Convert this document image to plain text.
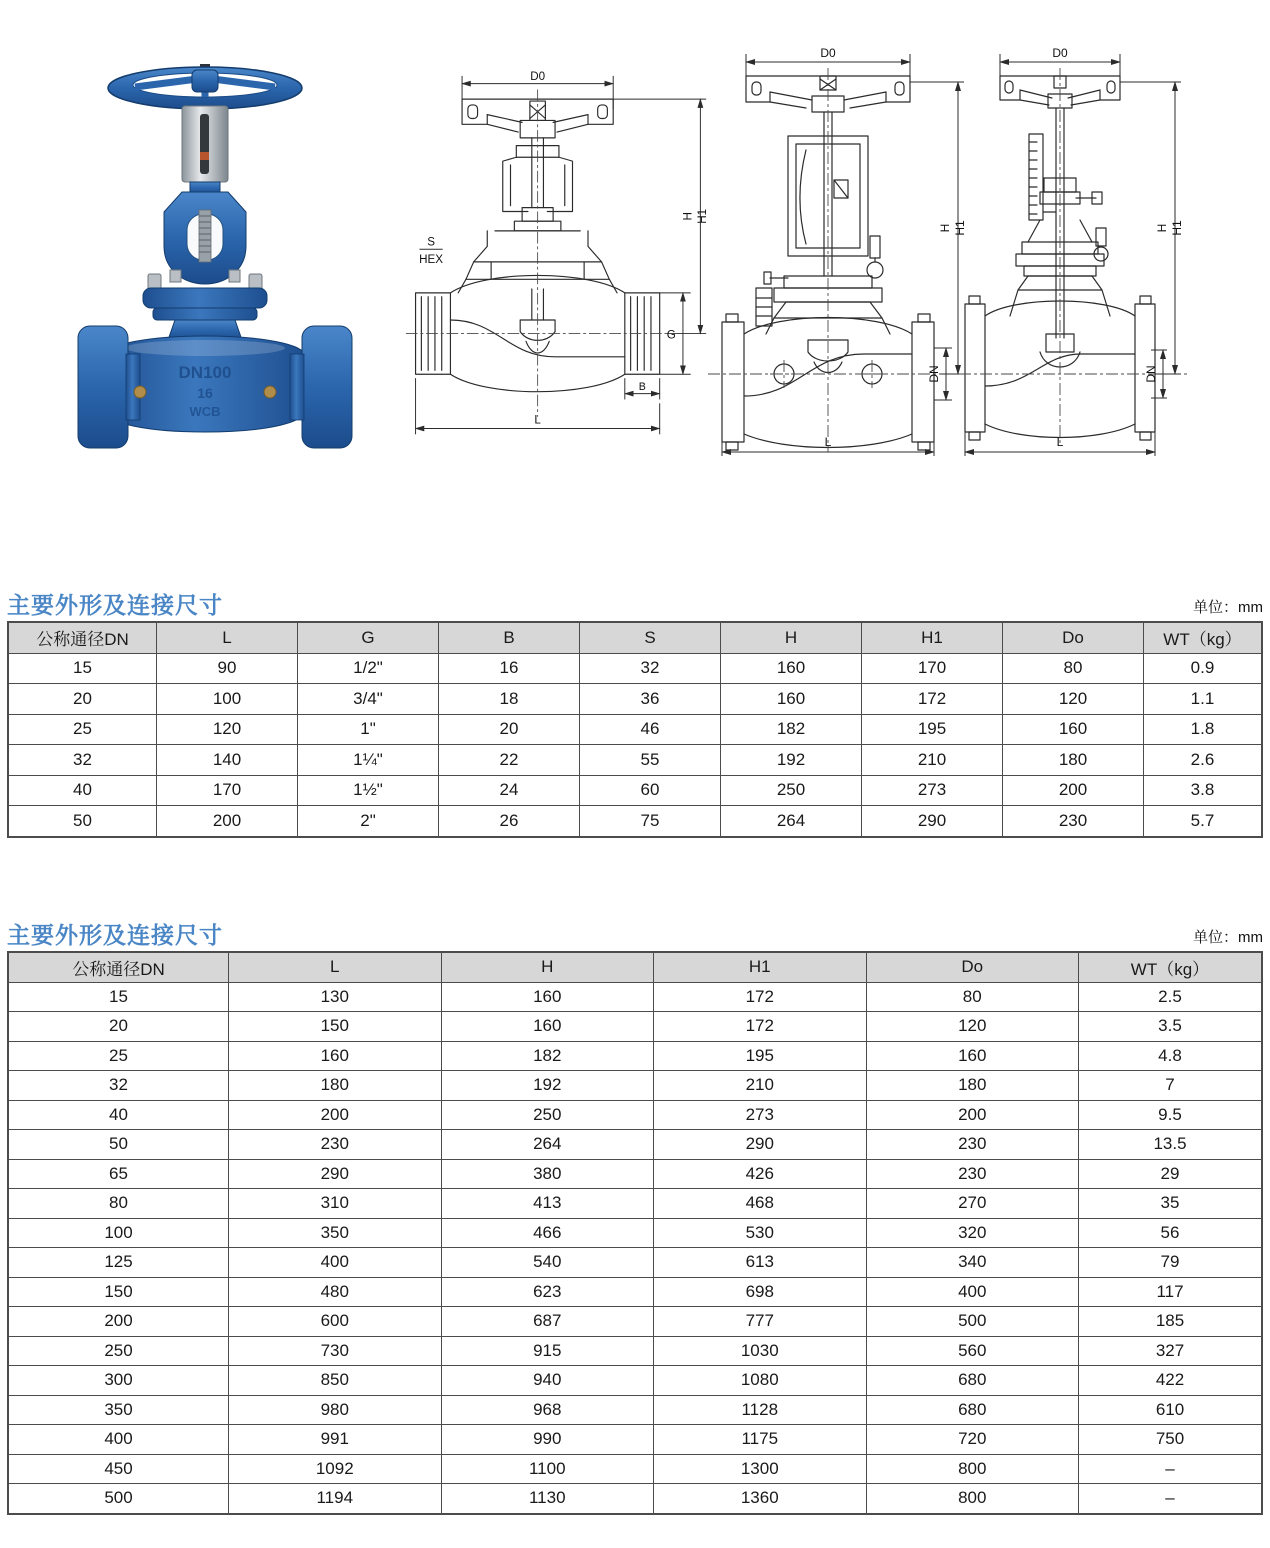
DN100
16
WCB
D0
S
HEX
G
H H1
B
L
D0
H H1
DN
L
D0
H H1
DN
L
主要外形及连接尺寸	单位：mm
公称通径DN	L	G	B	S	H	H1	Do	WT（kg）
15	90	1/2"	16	32	160	170	80	0.9
20	100	3/4"	18	36	160	172	120	1.1
25	120	1"	20	46	182	195	160	1.8
32	140	1¼"	22	55	192	210	180	2.6
40	170	1½"	24	60	250	273	200	3.8
50	200	2"	26	75	264	290	230	5.7
主要外形及连接尺寸	单位：mm
公称通径DN	L	H	H1	Do	WT（kg）
15	130	160	172	80	2.5
20	150	160	172	120	3.5
25	160	182	195	160	4.8
32	180	192	210	180	7
40	200	250	273	200	9.5
50	230	264	290	230	13.5
65	290	380	426	230	29
80	310	413	468	270	35
100	350	466	530	320	56
125	400	540	613	340	79
150	480	623	698	400	117
200	600	687	777	500	185
250	730	915	1030	560	327
300	850	940	1080	680	422
350	980	968	1128	680	610
400	991	990	1175	720	750
450	1092	1100	1300	800	–
500	1194	1130	1360	800	–
